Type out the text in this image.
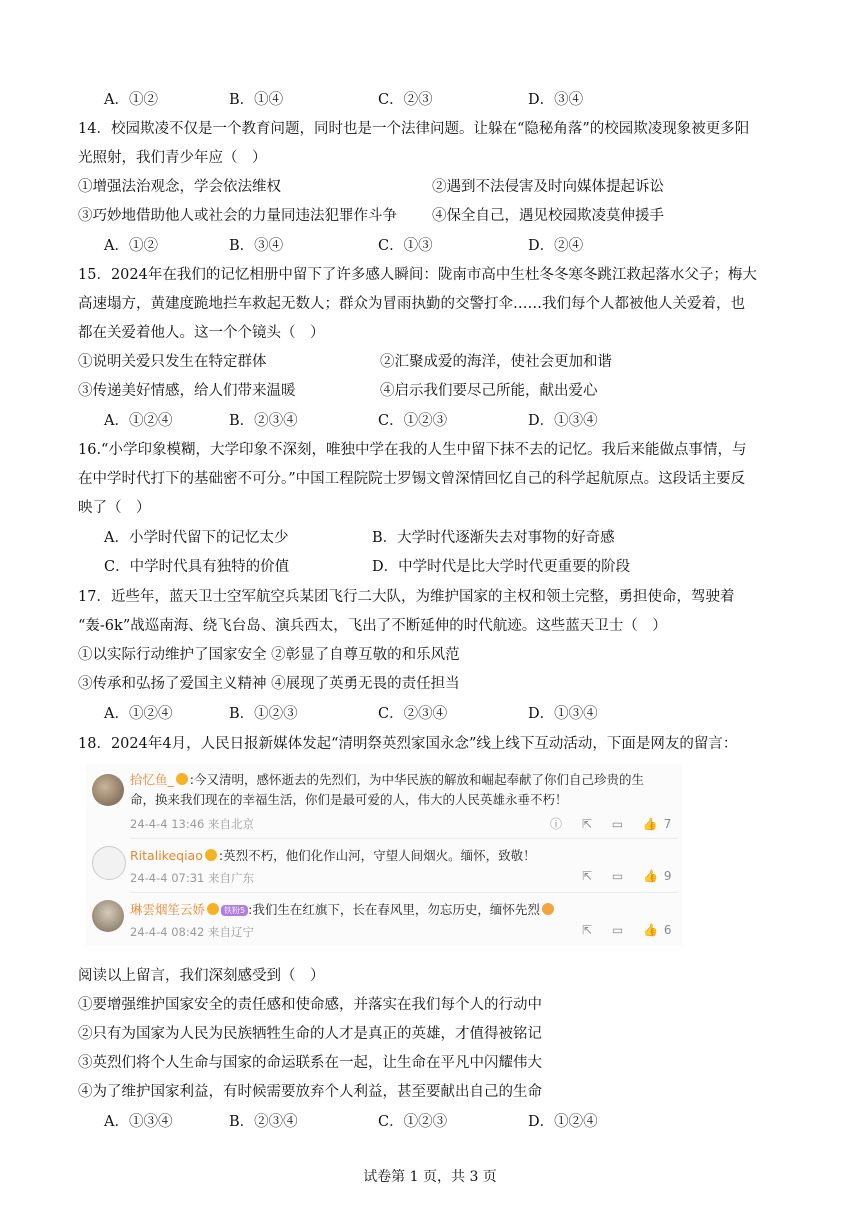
A．①②	B．①④	C．②③	D．③④
14．校园欺凌不仅是一个教育问题，同时也是一个法律问题。让躲在“隐秘角落”的校园欺凌现象被更多阳
光照射，我们青少年应（　）
①增强法治观念，学会依法维权	②遇到不法侵害及时向媒体提起诉讼
③巧妙地借助他人或社会的力量同违法犯罪作斗争 ④保全自己，遇见校园欺凌莫伸援手
A．①②	B．③④	C．①③	D．②④
15．2024年在我们的记忆相册中留下了许多感人瞬间：陇南市高中生杜冬冬寒冬跳江救起落水父子；梅大
高速塌方，黄建度跪地拦车救起无数人；群众为冒雨执勤的交警打伞……我们每个人都被他人关爱着，也
都在关爱着他人。这一个个镜头（　）
①说明关爱只发生在特定群体	②汇聚成爱的海洋，使社会更加和谐
③传递美好情感，给人们带来温暖	④启示我们要尽己所能，献出爱心
A．①②④	B．②③④	C．①②③	D．①③④
16.“小学印象模糊，大学印象不深刻，唯独中学在我的人生中留下抹不去的记忆。我后来能做点事情，与
在中学时代打下的基础密不可分。”中国工程院院士罗锡文曾深情回忆自己的科学起航原点。这段话主要反
映了（　）
A．小学时代留下的记忆太少	B．大学时代逐渐失去对事物的好奇感
C．中学时代具有独特的价值	D．中学时代是比大学时代更重要的阶段
17．近些年，蓝天卫士空军航空兵某团飞行二大队，为维护国家的主权和领土完整，勇担使命，驾驶着
“轰-6k”战巡南海、绕飞台岛、演兵西太，飞出了不断延伸的时代航迹。这些蓝天卫士（　）
①以实际行动维护了国家安全 ②彰显了自尊互敬的和乐风范
③传承和弘扬了爱国主义精神 ④展现了英勇无畏的责任担当
A．①②④	B．①②③	C．②③④	D．①③④
18．2024年4月，人民日报新媒体发起“清明祭英烈家国永念”线上线下互动活动，下面是网友的留言：
拾忆鱼_ :今又清明，感怀逝去的先烈们，为中华民族的解放和崛起奉献了你们自己珍贵的生
命，换来我们现在的幸福生活，你们是最可爱的人，伟大的人民英雄永垂不朽！
24-4-4 13:46 来自北京	ⓘ ⇱ ▭ 👍 7
Ritalikeqiao :英烈不朽，他们化作山河，守望人间烟火。缅怀，致敬！
24-4-4 07:31 来自广东	⇱ ▭ 👍 9
琳雲烟笙云娇 铁粉5 :我们生在红旗下，长在春风里，勿忘历史，缅怀先烈
24-4-4 08:42 来自辽宁	⇱ ▭ 👍 6
阅读以上留言，我们深刻感受到（　）
①要增强维护国家安全的责任感和使命感，并落实在我们每个人的行动中
②只有为国家为人民为民族牺牲生命的人才是真正的英雄，才值得被铭记
③英烈们将个人生命与国家的命运联系在一起，让生命在平凡中闪耀伟大
④为了维护国家利益，有时候需要放弃个人利益，甚至要献出自己的生命
A．①③④	B．②③④	C．①②③	D．①②④
试卷第 1 页，共 3 页
